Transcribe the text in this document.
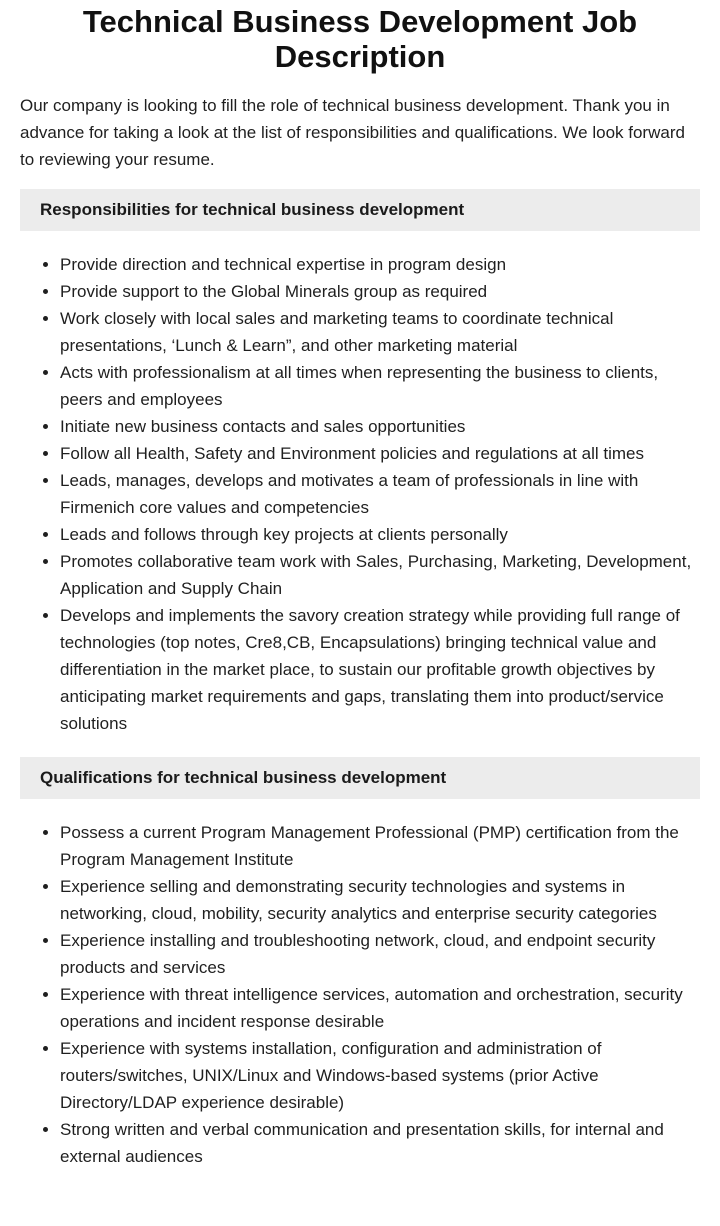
Technical Business Development Job Description

Our company is looking to fill the role of technical business development. Thank you in advance for taking a look at the list of responsibilities and qualifications. We look forward to reviewing your resume.

Responsibilities for technical business development
• Provide direction and technical expertise in program design
• Provide support to the Global Minerals group as required
• Work closely with local sales and marketing teams to coordinate technical presentations, ‘Lunch & Learn”, and other marketing material
• Acts with professionalism at all times when representing the business to clients, peers and employees
• Initiate new business contacts and sales opportunities
• Follow all Health, Safety and Environment policies and regulations at all times
• Leads, manages, develops and motivates a team of professionals in line with Firmenich core values and competencies
• Leads and follows through key projects at clients personally
• Promotes collaborative team work with Sales, Purchasing, Marketing, Development, Application and Supply Chain
• Develops and implements the savory creation strategy while providing full range of technologies (top notes, Cre8,CB, Encapsulations) bringing technical value and differentiation in the market place, to sustain our profitable growth objectives by anticipating market requirements and gaps, translating them into product/service solutions
Qualifications for technical business development
• Possess a current Program Management Professional (PMP) certification from the Program Management Institute
• Experience selling and demonstrating security technologies and systems in networking, cloud, mobility, security analytics and enterprise security categories
• Experience installing and troubleshooting network, cloud, and endpoint security products and services
• Experience with threat intelligence services, automation and orchestration, security operations and incident response desirable
• Experience with systems installation, configuration and administration of routers/switches, UNIX/Linux and Windows-based systems (prior Active Directory/LDAP experience desirable)
• Strong written and verbal communication and presentation skills, for internal and external audiences
